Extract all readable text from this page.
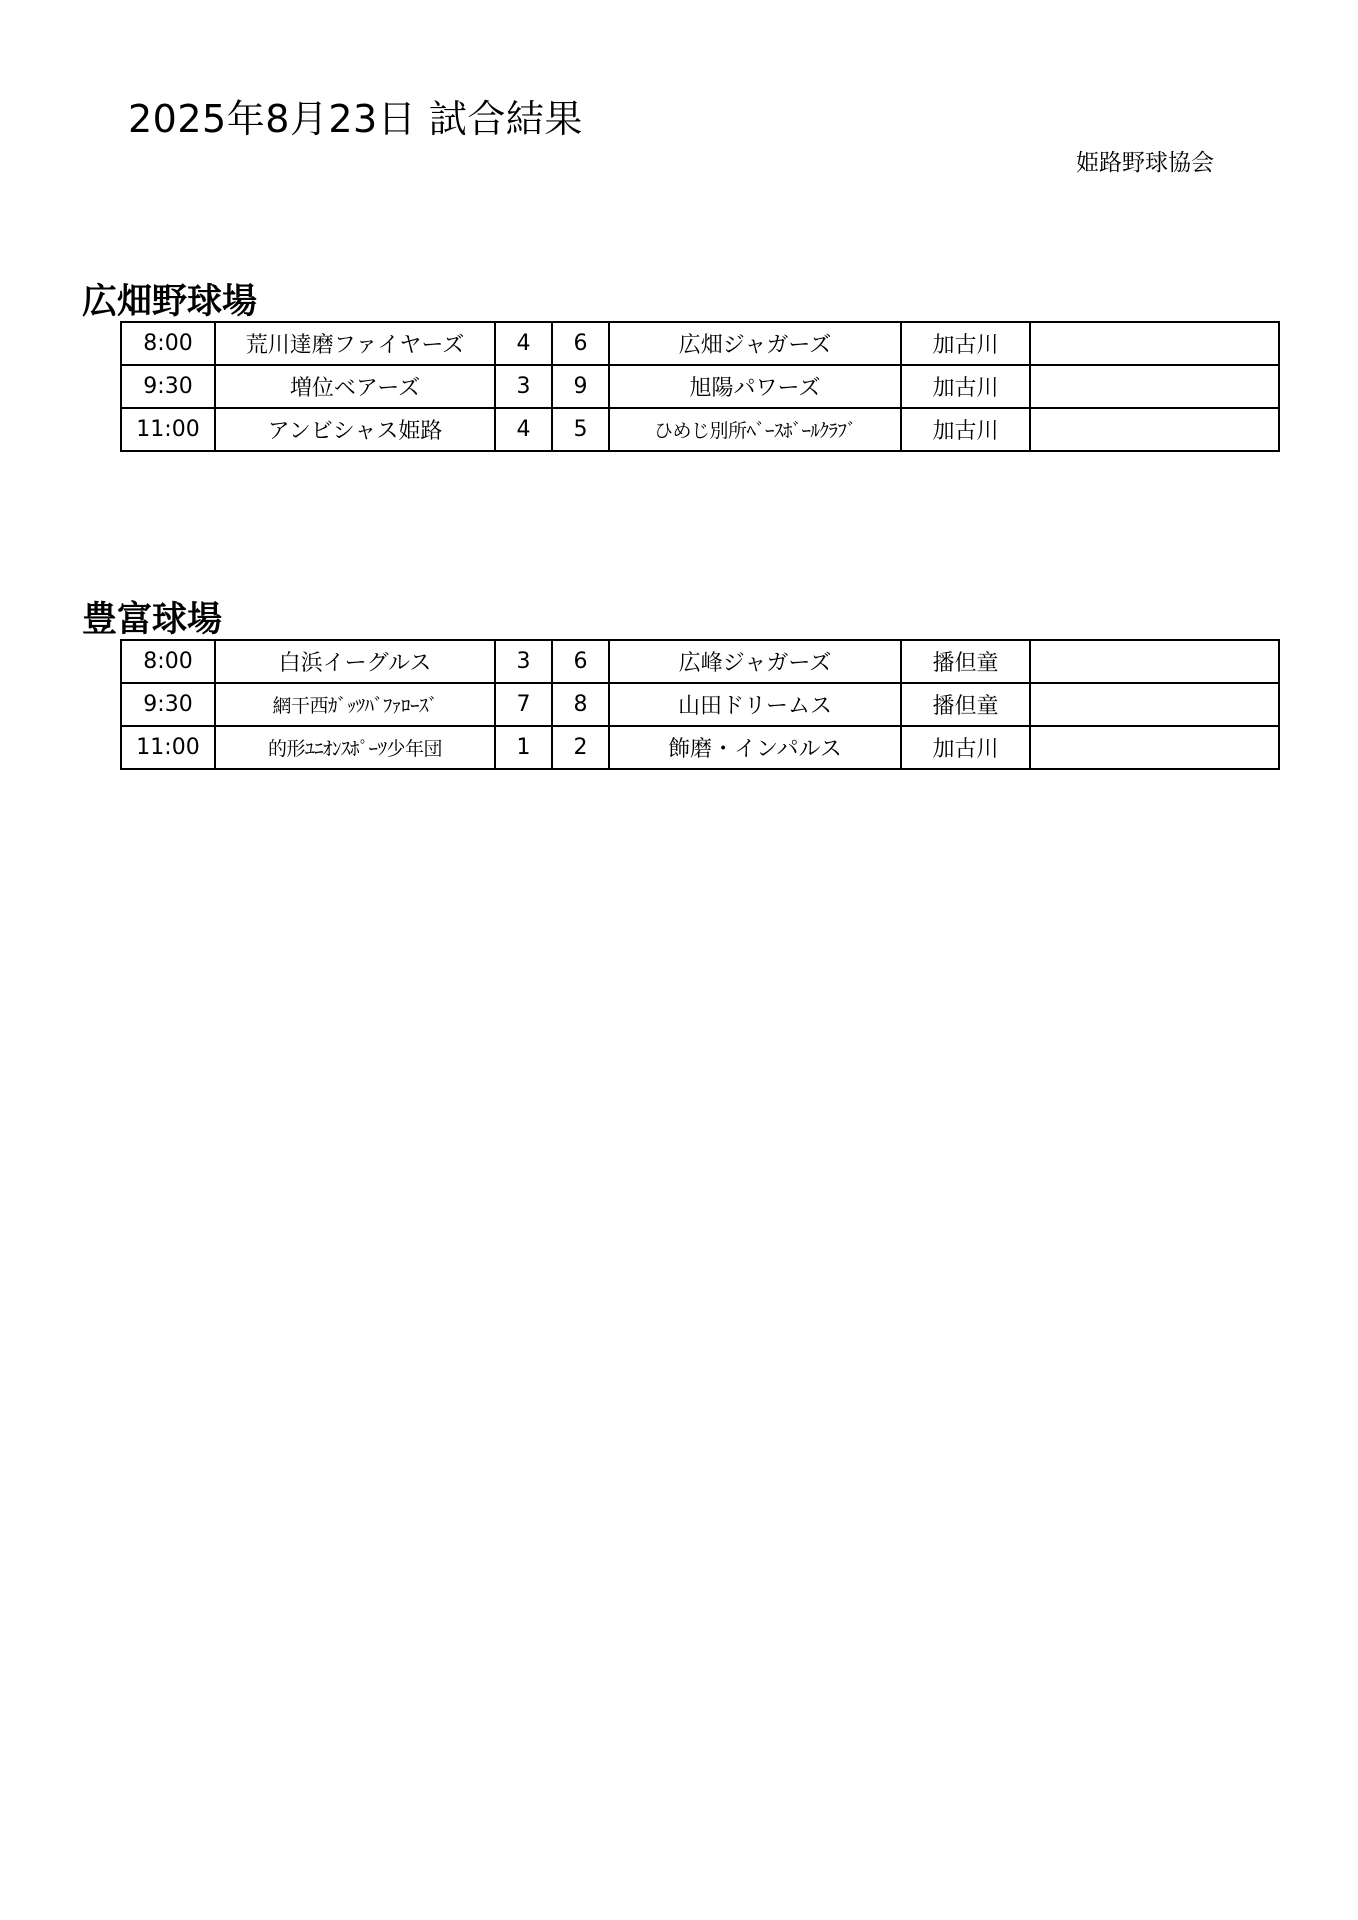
2025年8月23日 試合結果
姫路野球協会
広畑野球場
8:00	荒川達磨ファイヤーズ	4	6	広畑ジャガーズ	加古川	
9:30	増位ベアーズ	3	9	旭陽パワーズ	加古川	
11:00	アンビシャス姫路	4	5	ひめじ別所ﾍﾞｰｽﾎﾞｰﾙｸﾗﾌﾞ	加古川	
豊富球場
8:00	白浜イーグルス	3	6	広峰ジャガーズ	播但童	
9:30	網干西ｶﾞｯﾂﾊﾞﾌｧﾛｰｽﾞ	7	8	山田ドリームス	播但童	
11:00	的形ﾕﾆｵﾝｽﾎﾟｰﾂ少年団	1	2	飾磨・インパルス	加古川	
